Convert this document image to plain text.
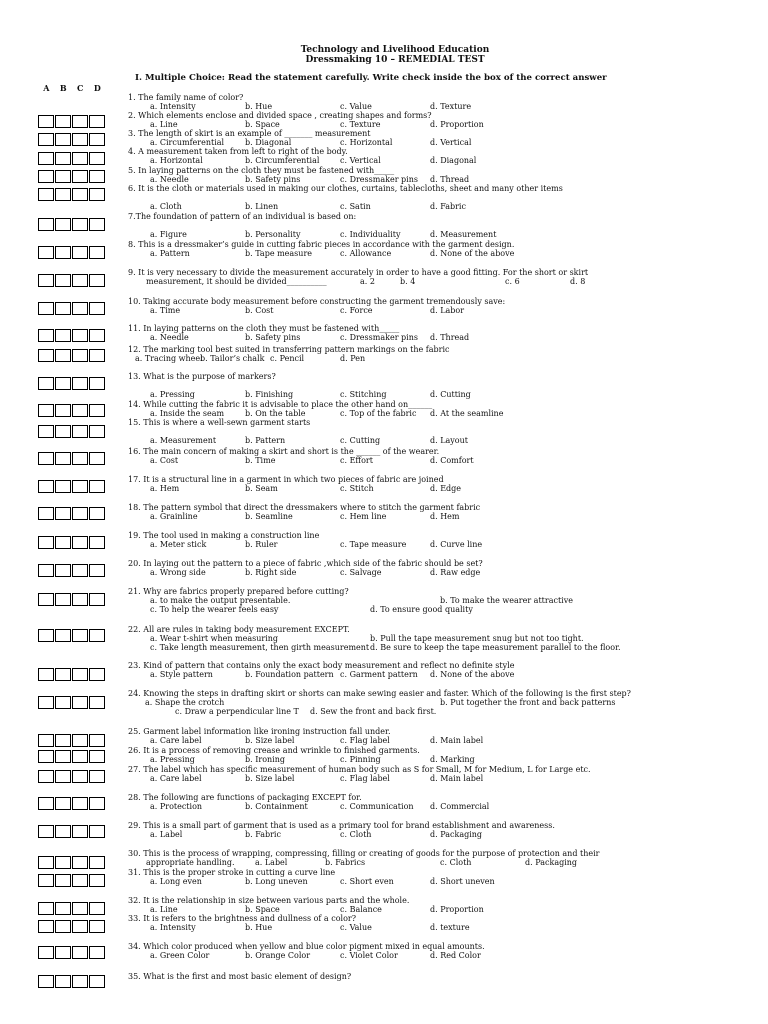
Technology and Livelihood Education
Dressmaking 10 – REMEDIAL TEST
I. Multiple Choice: Read the statement carefully. Write check inside the box of the correct answer
A B C D
1. The family name of color?
a. Intensity	b. Hue	c. Value	d. Texture
2. Which elements enclose and divided space , creating shapes and forms?
a. Line	b. Space	c. Texture	d. Proportion
3. The length of skirt is an example of _______ measurement
a. Circumferential	b. Diagonal	c. Horizontal	d. Vertical
4. A measurement taken from left to right of the body.
a. Horizontal	b. Circumferential	c. Vertical	d. Diagonal
5. In laying patterns on the cloth they must be fastened with_____
a. Needle	b. Safety pins	c. Dressmaker pins d. Thread
6. It is the cloth or materials used in making our clothes, curtains, tablecloths, sheet and many other items
a. Cloth	b. Linen	c. Satin	d. Fabric
7.The foundation of pattern of an individual is based on:
a. Figure	b. Personality	c. Individuality	d. Measurement
8. This is a dressmaker’s guide in cutting fabric pieces in accordance with the garment design.
a. Pattern	b. Tape measure	c. Allowance	d. None of the above
9. It is very necessary to divide the measurement accurately in order to have a good fitting. For the short or skirt
measurement, it should be divided__________	a. 2	b. 4	c. 6	d. 8
10. Taking accurate body measurement before constructing the garment tremendously save:
a. Time	b. Cost	c. Force	d. Labor
11. In laying patterns on the cloth they must be fastened with_____
a. Needle	b. Safety pins	c. Dressmaker pins d. Thread
12. The marking tool best suited in transferring pattern markings on the fabric
a. Tracing wheel
b. Tailor’s chalk c. Pencil	d. Pen
13. What is the purpose of markers?
a. Pressing	b. Finishing	c. Stitching	d. Cutting
14. While cutting the fabric it is advisable to place the other hand on______
a. Inside the seam	b. On the table	c. Top of the fabric d. At the seamline
15. This is where a well-sewn garment starts
a. Measurement	b. Pattern	c. Cutting	d. Layout
16. The main concern of making a skirt and short is the ______ of the wearer.
a. Cost	b. Time	c. Effort	d. Comfort
17. It is a structural line in a garment in which two pieces of fabric are joined
a. Hem	b. Seam	c. Stitch	d. Edge
18. The pattern symbol that direct the dressmakers where to stitch the garment fabric
a. Grainline	b. Seamline	c. Hem line	d. Hem
19. The tool used in making a construction line
a. Meter stick	b. Ruler	c. Tape measure	d. Curve line
20. In laying out the pattern to a piece of fabric ,which side of the fabric should be set?
a. Wrong side	b. Right side	c. Salvage	d. Raw edge
21. Why are fabrics properly prepared before cutting?
a. to make the output presentable.	b. To make the wearer attractive
c. To help the wearer feels easy	d. To ensure good quality
22. All are rules in taking body measurement EXCEPT.
a. Wear t-shirt when measuring	b. Pull the tape measurement snug but not too tight.
c. Take length measurement, then girth measurement d. Be sure to keep the tape measurement parallel to the floor.
23. Kind of pattern that contains only the exact body measurement and reflect no definite style
a. Style pattern	b. Foundation pattern c. Garment pattern d. None of the above
24. Knowing the steps in drafting skirt or shorts can make sewing easier and faster. Which of the following is the first step?
a. Shape the crotch	b. Put together the front and back patterns
c. Draw a perpendicular line T d. Sew the front and back first.
25. Garment label information like ironing instruction fall under.
a. Care label	b. Size label	c. Flag label	d. Main label
26. It is a process of removing crease and wrinkle to finished garments.
a. Pressing	b. Ironing	c. Pinning	d. Marking
27. The label which has specific measurement of human body such as S for Small, M for Medium, L for Large etc.
a. Care label	b. Size label	c. Flag label	d. Main label
28. The following are functions of packaging EXCEPT for.
a. Protection	b. Containment	c. Communication d. Commercial
29. This is a small part of garment that is used as a primary tool for brand establishment and awareness.
a. Label	b. Fabric	c. Cloth	d. Packaging
30. This is the process of wrapping, compressing, filling or creating of goods for the purpose of protection and their
appropriate handling.	a. Label	b. Fabrics	c. Cloth	d. Packaging
31. This is the proper stroke in cutting a curve line
a. Long even	b. Long uneven	c. Short even	d. Short uneven
32. It is the relationship in size between various parts and the whole.
a. Line	b. Space	c. Balance	d. Proportion
33. It is refers to the brightness and dullness of a color?
a. Intensity	b. Hue	c. Value	d. texture
34. Which color produced when yellow and blue color pigment mixed in equal amounts.
a. Green Color	b. Orange Color	c. Violet Color	d. Red Color
35. What is the first and most basic element of design?
